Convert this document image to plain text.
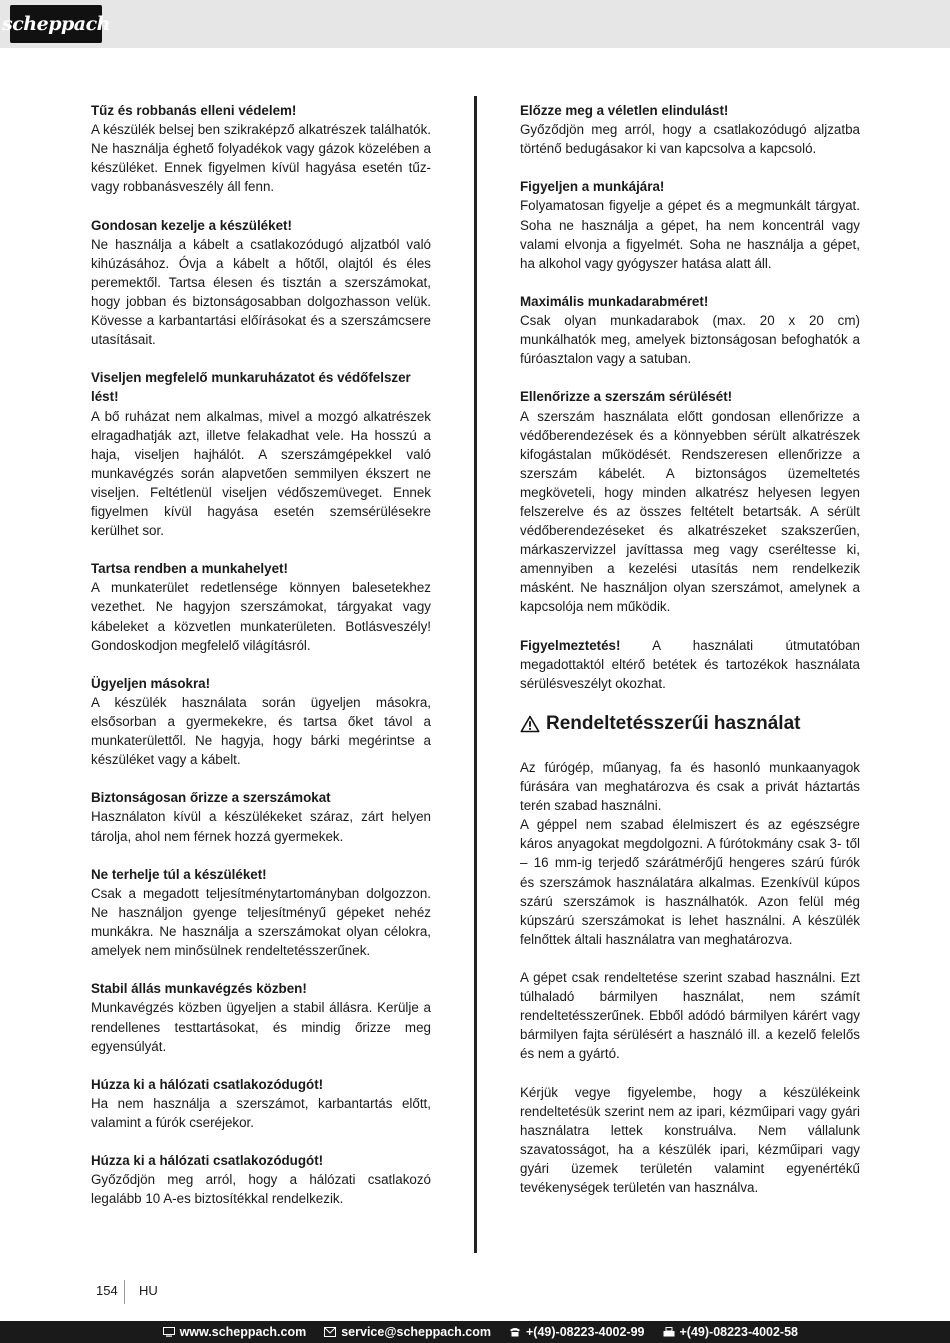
scheppach
Tűz és robbanás elleni védelem!
A készülék belsej ben szikraképző alkatrészek találhatók. Ne használja éghető folyadékok vagy gázok közelében a készüléket. Ennek figyelmen kívül hagyása esetén tűz- vagy robbanásveszély áll fenn.
Gondosan kezelje a készüléket!
Ne használja a kábelt a csatlakozódugó aljzatból való kihúzásához. Óvja a kábelt a hőtől, olajtól és éles peremektől. Tartsa élesen és tisztán a szerszámokat, hogy jobban és biztonságosabban dolgozhasson velük. Kövesse a karbantartási előírásokat és a szerszámcsere utasításait.
Viseljen megfelelő munkaruházatot és védőfelszer lést!
A bő ruházat nem alkalmas, mivel a mozgó alkatrészek elragadhatják azt, illetve felakadhat vele. Ha hosszú a haja, viseljen hajhálót. A szerszámgépekkel való munkavégzés során alapvetően semmilyen ékszert ne viseljen. Feltétlenül viseljen védőszemüveget. Ennek figyelmen kívül hagyása esetén szemsérülésekre kerülhet sor.
Tartsa rendben a munkahelyet!
A munkaterület redetlensége könnyen balesetekhez vezethet. Ne hagyjon szerszámokat, tárgyakat vagy kábeleket a közvetlen munkaterületen. Botlásveszély! Gondoskodjon megfelelő világításról.
Ügyeljen másokra!
A készülék használata során ügyeljen másokra, elsősorban a gyermekekre, és tartsa őket távol a munkaterülettől. Ne hagyja, hogy bárki megérintse a készüléket vagy a kábelt.
Biztonságosan őrizze a szerszámokat
Használaton kívül a készülékeket száraz, zárt helyen tárolja, ahol nem férnek hozzá gyermekek.
Ne terhelje túl a készüléket!
Csak a megadott teljesítménytartományban dolgozzon. Ne használjon gyenge teljesítményű gépeket nehéz munkákra. Ne használja a szerszámokat olyan célokra, amelyek nem minősülnek rendeltetésszerűnek.
Stabil állás munkavégzés közben!
Munkavégzés közben ügyeljen a stabil állásra. Kerülje a rendellenes testtartásokat, és mindig őrizze meg egyensúlyát.
Húzza ki a hálózati csatlakozódugót!
Ha nem használja a szerszámot, karbantartás előtt, valamint a fúrók cseréjekor.
Húzza ki a hálózati csatlakozódugót!
Győződjön meg arról, hogy a hálózati csatlakozó legalább 10 A-es biztosítékkal rendelkezik.
Előzze meg a véletlen elindulást!
Győződjön meg arról, hogy a csatlakozódugó aljzatba történő bedugásakor ki van kapcsolva a kapcsoló.
Figyeljen a munkájára!
Folyamatosan figyelje a gépet és a megmunkált tárgyat. Soha ne használja a gépet, ha nem koncentrál vagy valami elvonja a figyelmét. Soha ne használja a gépet, ha alkohol vagy gyógyszer hatása alatt áll.
Maximális munkadarabméret!
Csak olyan munkadarabok (max. 20 x 20 cm) munkálhatók meg, amelyek biztonságosan befoghatók a fúróasztalon vagy a satuban.
Ellenőrizze a szerszám sérülését!
A szerszám használata előtt gondosan ellenőrizze a védőberendezések és a könnyebben sérült alkatrészek kifogástalan működését. Rendszeresen ellenőrizze a szerszám kábelét. A biztonságos üzemeltetés megköveteli, hogy minden alkatrész helyesen legyen felszerelve és az összes feltételt betartsák. A sérült védőberendezéseket és alkatrészeket szakszerűen, márkaszervizzel javíttassa meg vagy cseréltesse ki, amennyiben a kezelési utasítás nem rendelkezik másként. Ne használjon olyan szerszámot, amelynek a kapcsolója nem működik.
Figyelmeztetés! A használati útmutatóban megadottaktól eltérő betétek és tartozékok használata sérülésveszélyt okozhat.
Rendeltetésszerűi használat
Az fúrógép, műanyag, fa és hasonló munkaanyagok fúrására van meghatározva és csak a privát háztartás terén szabad használni.
A géppel nem szabad élelmiszert és az egészségre káros anyagokat megdolgozni. A fúrótokmány csak 3- től – 16 mm-ig terjedő szárátmérőjű hengeres szárú fúrók és szerszámok használatára alkalmas. Ezenkívül kúpos szárú szerszámok is használhatók. Azon felül még kúpszárú szerszámokat is lehet használni. A készülék felnőttek általi használatra van meghatározva.
A gépet csak rendeltetése szerint szabad használni. Ezt túlhaladó bármilyen használat, nem számít rendeltetésszerűnek. Ebből adódó bármilyen kárért vagy bármilyen fajta sérülésért a használó ill. a kezelő felelős és nem a gyártó.
Kérjük vegye figyelembe, hogy a készülékeink rendeltetésük szerint nem az ipari, kézműipari vagy gyári használatra lettek konstruálva. Nem vállalunk szavatosságot, ha a készülék ipari, kézműipari vagy gyári üzemek területén valamint egyenértékű tevékenységek területén van használva.
154 HU
www.scheppach.com	service@scheppach.com	+(49)-08223-4002-99	+(49)-08223-4002-58
